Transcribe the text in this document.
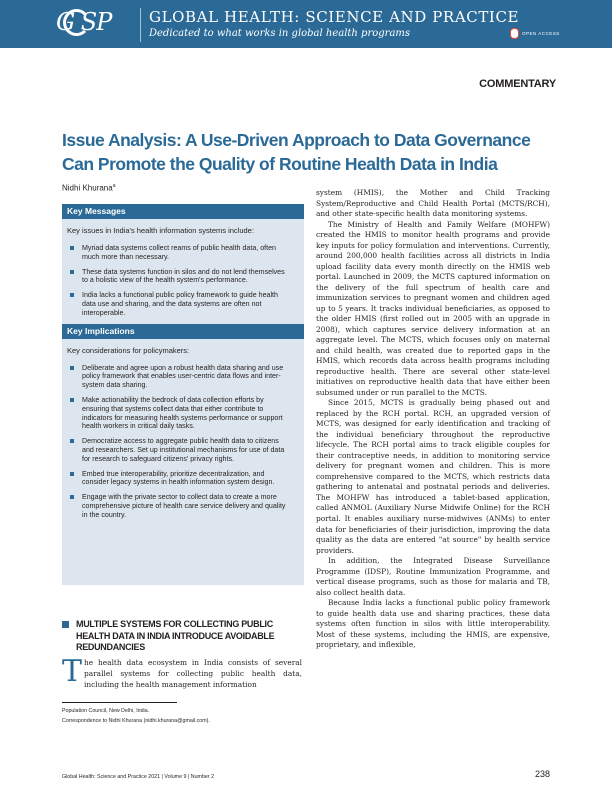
G SP	GLOBAL HEALTH: SCIENCE AND PRACTICE
Dedicated to what works in global health programs	OPEN ACCESS
COMMENTARY
Issue Analysis: A Use-Driven Approach to Data Governance Can Promote the Quality of Routine Health Data in India
Nidhi Khurana$^a$
Key Messages
Key issues in India's health information systems include:
Myriad data systems collect reams of public health data, often much more than necessary.
These data systems function in silos and do not lend themselves to a holistic view of the health system's performance.
India lacks a functional public policy framework to guide health data use and sharing, and the data systems are often not interoperable.
Key Implications
Key considerations for policymakers:
Deliberate and agree upon a robust health data sharing and use policy framework that enables user-centric data flows and inter-system data sharing.
Make actionability the bedrock of data collection efforts by ensuring that systems collect data that either contribute to indicators for measuring health systems performance or support health workers in critical daily tasks.
Democratize access to aggregate public health data to citizens and researchers. Set up institutional mechanisms for use of data for research to safeguard citizens' privacy rights.
Embed true interoperability, prioritize decentralization, and consider legacy systems in health information system design.
Engage with the private sector to collect data to create a more comprehensive picture of health care service delivery and quality in the country.
MULTIPLE SYSTEMS FOR COLLECTING PUBLIC HEALTH DATA IN INDIA INTRODUCE AVOIDABLE REDUNDANCIES
The health data ecosystem in India consists of several parallel systems for collecting public health data, including the health management information
Population Council, New Delhi, India.
Correspondence to Nidhi Khurana (nidhi.khurana@gmail.com).

system (HMIS), the Mother and Child Tracking System/Reproductive and Child Health Portal (MCTS/RCH), and other state-specific health data monitoring systems.

The Ministry of Health and Family Welfare (MOHFW) created the HMIS to monitor health programs and provide key inputs for policy formulation and interventions. Currently, around 200,000 health facilities across all districts in India upload facility data every month directly on the HMIS web portal. Launched in 2009, the MCTS captured information on the delivery of the full spectrum of health care and immunization services to pregnant women and children aged up to 5 years. It tracks individual beneficiaries, as opposed to the older HMIS (first rolled out in 2005 with an upgrade in 2008), which captures service delivery information at an aggregate level. The MCTS, which focuses only on maternal and child health, was created due to reported gaps in the HMIS, which records data across health programs including reproductive health. There are several other state-level initiatives on reproductive health data that have either been subsumed under or run parallel to the MCTS.

Since 2015, MCTS is gradually being phased out and replaced by the RCH portal. RCH, an upgraded version of MCTS, was designed for early identification and tracking of the individual beneficiary throughout the reproductive lifecycle. The RCH portal aims to track eligible couples for their contraceptive needs, in addition to monitoring service delivery for pregnant women and children. This is more comprehensive compared to the MCTS, which restricts data gathering to antenatal and postnatal periods and deliveries. The MOHFW has introduced a tablet-based application, called ANMOL (Auxiliary Nurse Midwife Online) for the RCH portal. It enables auxiliary nurse-midwives (ANMs) to enter data for beneficiaries of their jurisdiction, improving the data quality as the data are entered "at source" by health service providers.

In addition, the Integrated Disease Surveillance Programme (IDSP), Routine Immunization Programme, and vertical disease programs, such as those for malaria and TB, also collect health data.

Because India lacks a functional public policy framework to guide health data use and sharing practices, these data systems often function in silos with little interoperability. Most of these systems, including the HMIS, are expensive, proprietary, and inflexible,

Global Health: Science and Practice 2021 | Volume 9 | Number 2	238
